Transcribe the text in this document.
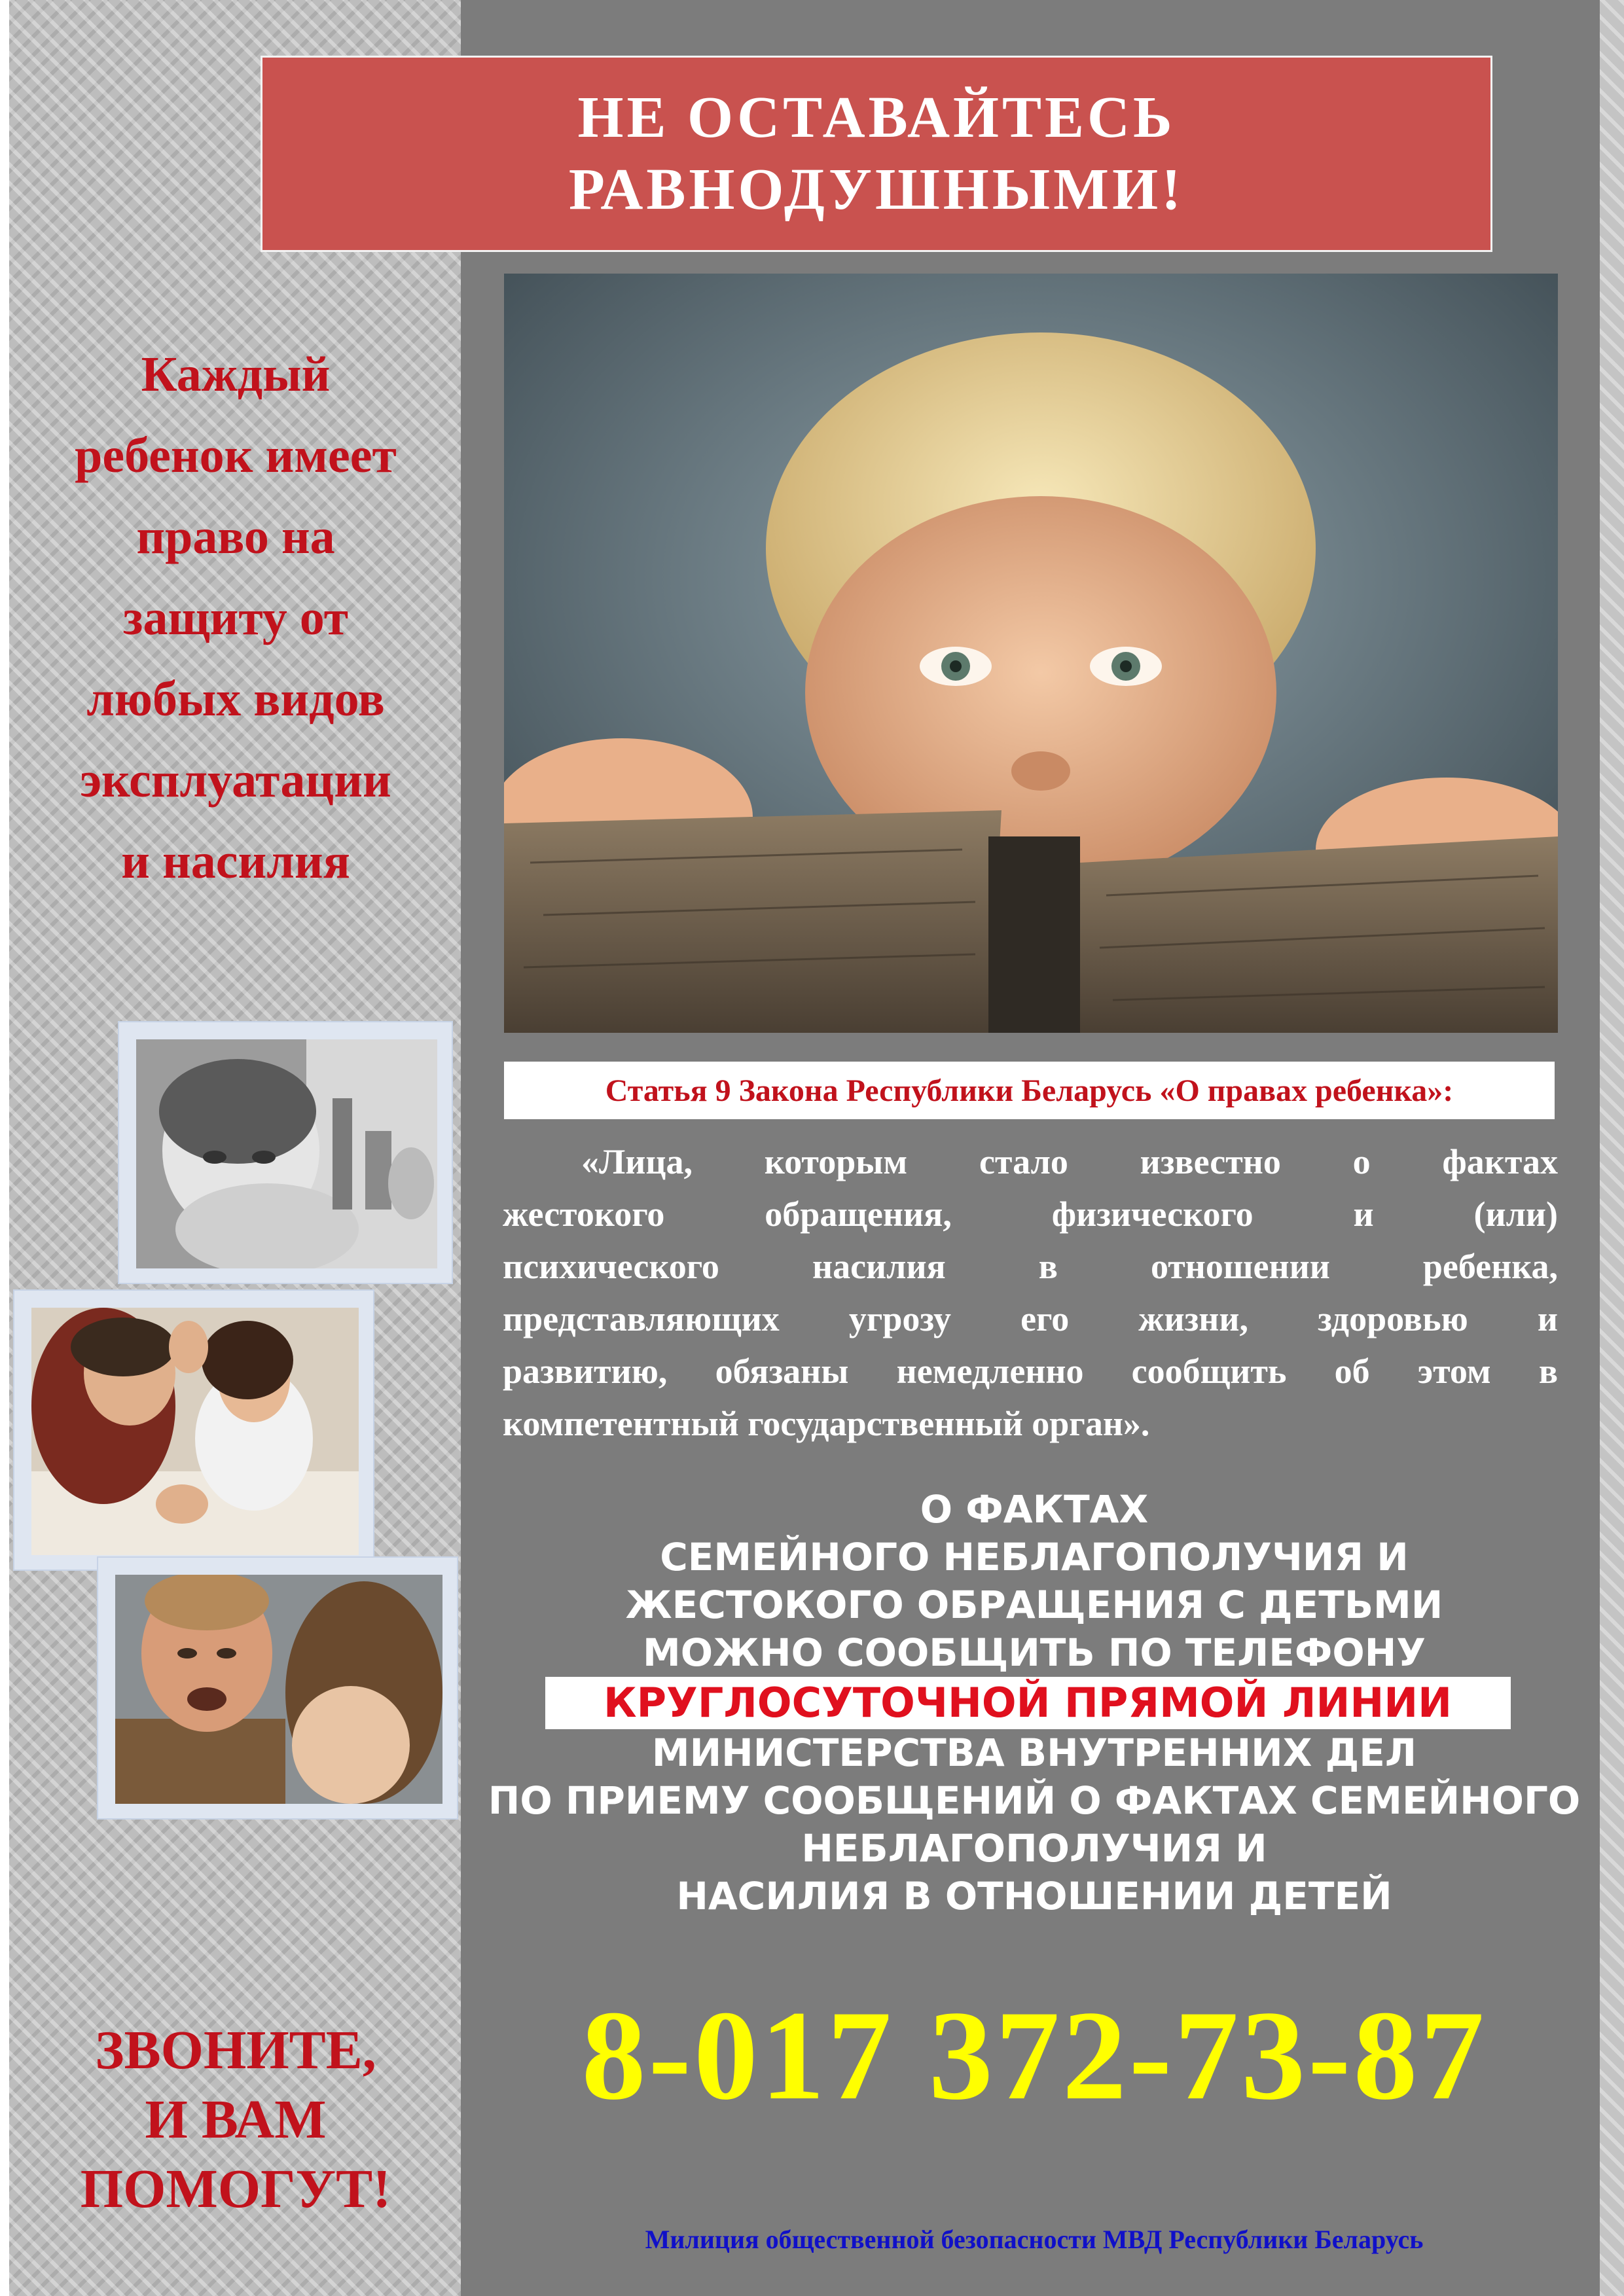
НЕ ОСТАВАЙТЕСЬ
РАВНОДУШНЫМИ!
Каждый
ребенок имеет
право на
защиту от
любых видов
эксплуатации
и насилия
Статья 9 Закона Республики Беларусь «О правах ребенка»:
«Лица, которым стало известно о фактах
жестокого обращения, физического и (или)
психического насилия в отношении ребенка,
представляющих угрозу его жизни, здоровью и
развитию, обязаны немедленно сообщить об этом в
компетентный государственный орган».
О ФАКТАХ
СЕМЕЙНОГО НЕБЛАГОПОЛУЧИЯ И
ЖЕСТОКОГО ОБРАЩЕНИЯ С ДЕТЬМИ
МОЖНО СООБЩИТЬ ПО ТЕЛЕФОНУ
КРУГЛОСУТОЧНОЙ ПРЯМОЙ ЛИНИИ
МИНИСТЕРСТВА ВНУТРЕННИХ ДЕЛ
ПО ПРИЕМУ СООБЩЕНИЙ О ФАКТАХ СЕМЕЙНОГО
НЕБЛАГОПОЛУЧИЯ И
НАСИЛИЯ В ОТНОШЕНИИ ДЕТЕЙ
8-017 372-73-87
ЗВОНИТЕ,
И ВАМ
ПОМОГУТ!
Милиция общественной безопасности МВД Республики Беларусь
